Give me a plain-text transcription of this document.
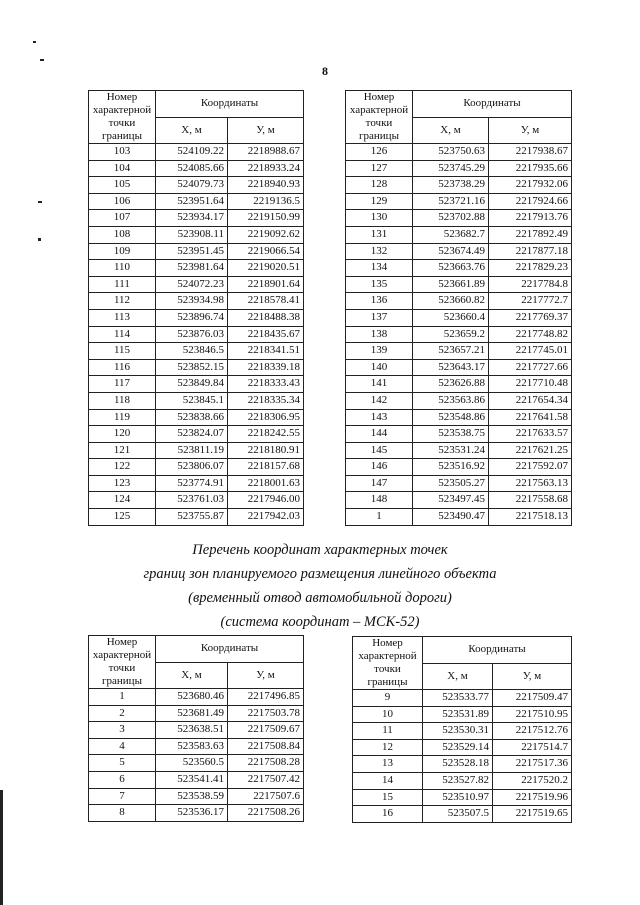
8
Номер характерной точки границы	Координаты	
	Х, м	У, м
103	524109.22	2218988.67
104	524085.66	2218933.24
105	524079.73	2218940.93
106	523951.64	2219136.5
107	523934.17	2219150.99
108	523908.11	2219092.62
109	523951.45	2219066.54
110	523981.64	2219020.51
111	524072.23	2218901.64
112	523934.98	2218578.41
113	523896.74	2218488.38
114	523876.03	2218435.67
115	523846.5	2218341.51
116	523852.15	2218339.18
117	523849.84	2218333.43
118	523845.1	2218335.34
119	523838.66	2218306.95
120	523824.07	2218242.55
121	523811.19	2218180.91
122	523806.07	2218157.68
123	523774.91	2218001.63
124	523761.03	2217946.00
125	523755.87	2217942.03
Номер характерной точки границы	Координаты	
	Х, м	У, м
126	523750.63	2217938.67
127	523745.29	2217935.66
128	523738.29	2217932.06
129	523721.16	2217924.66
130	523702.88	2217913.76
131	523682.7	2217892.49
132	523674.49	2217877.18
134	523663.76	2217829.23
135	523661.89	2217784.8
136	523660.82	2217772.7
137	523660.4	2217769.37
138	523659.2	2217748.82
139	523657.21	2217745.01
140	523643.17	2217727.66
141	523626.88	2217710.48
142	523563.86	2217654.34
143	523548.86	2217641.58
144	523538.75	2217633.57
145	523531.24	2217621.25
146	523516.92	2217592.07
147	523505.27	2217563.13
148	523497.45	2217558.68
1	523490.47	2217518.13
Перечень координат характерных точек
границ зон планируемого размещения линейного объекта
(временный отвод автомобильной дороги)
(система координат – МСК-52)
Номер характерной точки границы	Координаты	
	Х, м	У, м
1	523680.46	2217496.85
2	523681.49	2217503.78
3	523638.51	2217509.67
4	523583.63	2217508.84
5	523560.5	2217508.28
6	523541.41	2217507.42
7	523538.59	2217507.6
8	523536.17	2217508.26
Номер характерной точки границы	Координаты	
	Х, м	У, м
9	523533.77	2217509.47
10	523531.89	2217510.95
11	523530.31	2217512.76
12	523529.14	2217514.7
13	523528.18	2217517.36
14	523527.82	2217520.2
15	523510.97	2217519.96
16	523507.5	2217519.65
